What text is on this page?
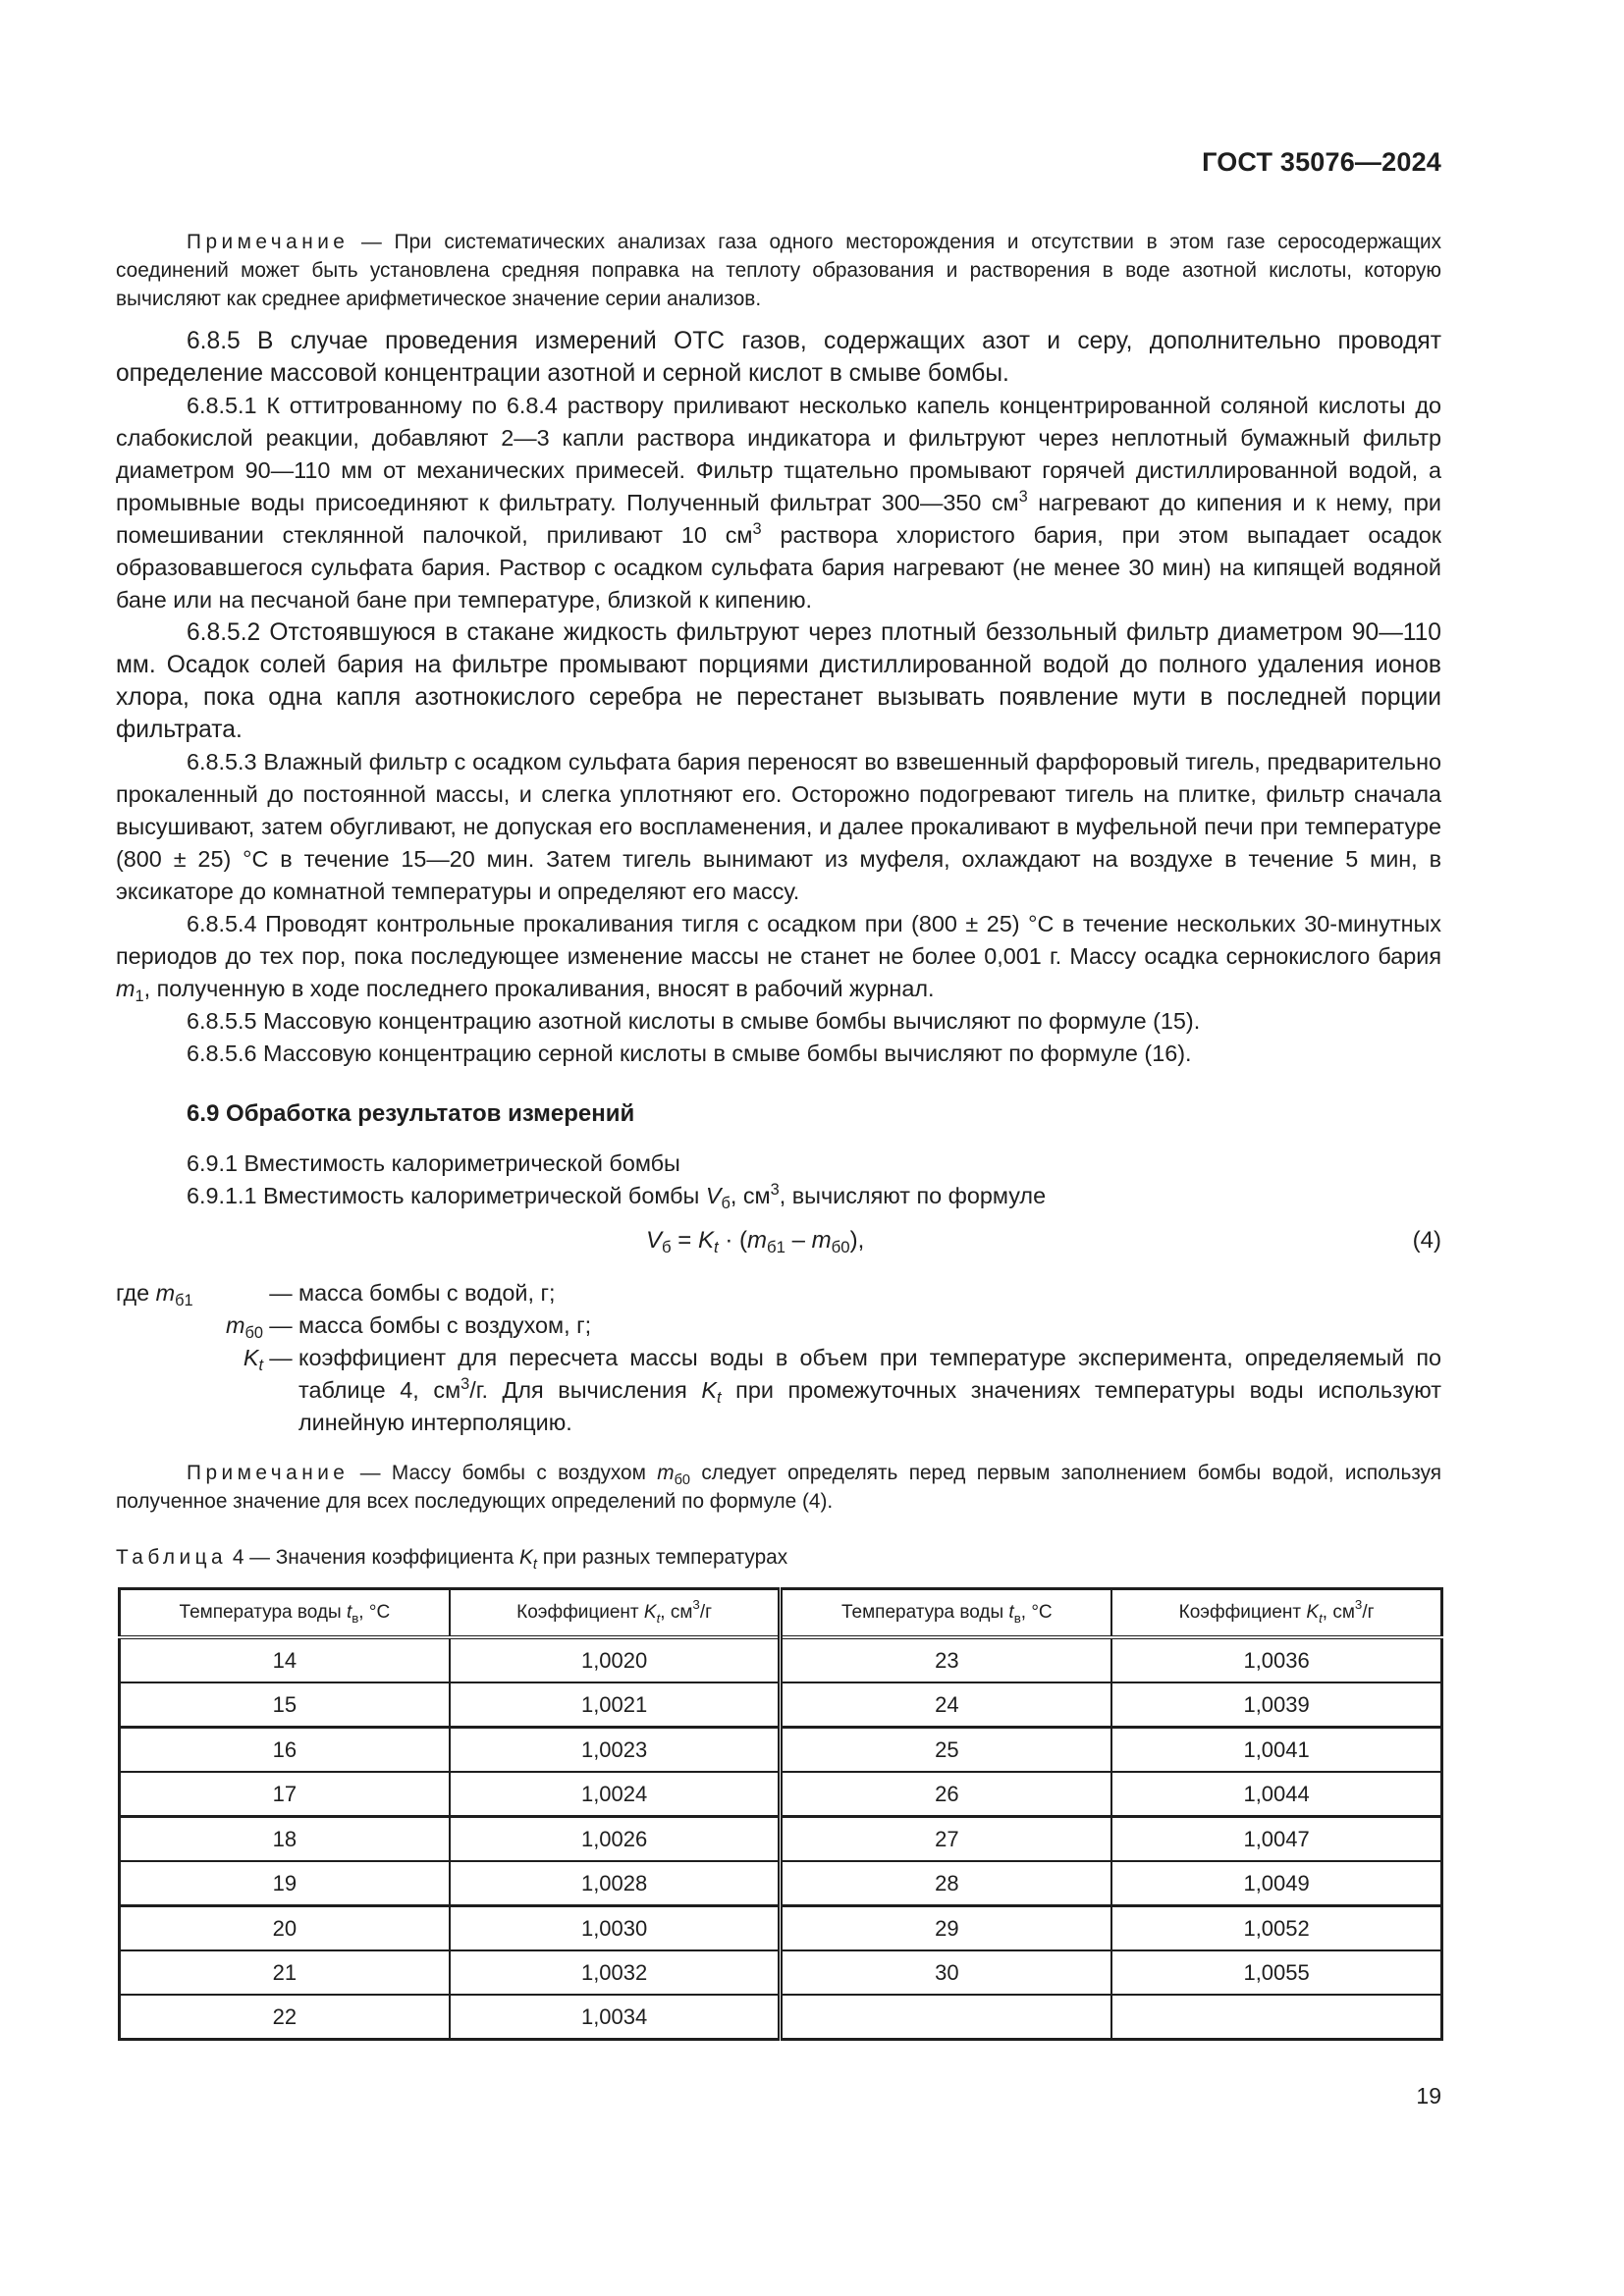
ГОСТ 35076—2024

Примечание — При систематических анализах газа одного месторождения и отсутствии в этом газе серосодержащих соединений может быть установлена средняя поправка на теплоту образования и растворения в воде азотной кислоты, которую вычисляют как среднее арифметическое значение серии анализов.

6.8.5 В случае проведения измерений ОТС газов, содержащих азот и серу, дополнительно проводят определение массовой концентрации азотной и серной кислот в смыве бомбы.

6.8.5.1 К оттитрованному по 6.8.4 раствору приливают несколько капель концентрированной соляной кислоты до слабокислой реакции, добавляют 2—3 капли раствора индикатора и фильтруют через неплотный бумажный фильтр диаметром 90—110 мм от механических примесей. Фильтр тщательно промывают горячей дистиллированной водой, а промывные воды присоединяют к фильтрату. Полученный фильтрат 300—350 $см^3$ нагревают до кипения и к нему, при помешивании стеклянной палочкой, приливают 10 $см^3$ раствора хлористого бария, при этом выпадает осадок образовавшегося сульфата бария. Раствор с осадком сульфата бария нагревают (не менее 30 мин) на кипящей водяной бане или на песчаной бане при температуре, близкой к кипению.

6.8.5.2 Отстоявшуюся в стакане жидкость фильтруют через плотный беззольный фильтр диаметром 90—110 мм. Осадок солей бария на фильтре промывают порциями дистиллированной водой до полного удаления ионов хлора, пока одна капля азотнокислого серебра не перестанет вызывать появление мути в последней порции фильтрата.

6.8.5.3 Влажный фильтр с осадком сульфата бария переносят во взвешенный фарфоровый тигель, предварительно прокаленный до постоянной массы, и слегка уплотняют его. Осторожно подогревают тигель на плитке, фильтр сначала высушивают, затем обугливают, не допуская его воспламенения, и далее прокаливают в муфельной печи при температуре (800 ± 25) °С в течение 15—20 мин. Затем тигель вынимают из муфеля, охлаждают на воздухе в течение 5 мин, в эксикаторе до комнатной температуры и определяют его массу.

6.8.5.4 Проводят контрольные прокаливания тигля с осадком при (800 ± 25) °С в течение нескольких 30-минутных периодов до тех пор, пока последующее изменение массы не станет не более 0,001 г. Массу осадка сернокислого бария $m_1$, полученную в ходе последнего прокаливания, вносят в рабочий журнал.

6.8.5.5 Массовую концентрацию азотной кислоты в смыве бомбы вычисляют по формуле (15).

6.8.5.6 Массовую концентрацию серной кислоты в смыве бомбы вычисляют по формуле (16).

6.9 Обработка результатов измерений

6.9.1 Вместимость калориметрической бомбы

6.9.1.1 Вместимость калориметрической бомбы $V_б$, $см^3$, вычисляют по формуле

$V_б = K_t \cdot (m_{б1} - m_{б0})$,	(4)
где $m_{б1}$	— масса бомбы с водой, г;
$m_{б0}$ — масса бомбы с воздухом, г;
$K_t$ — коэффициент для пересчета массы воды в объем при температуре эксперимента, определяемый по таблице 4, $см^3/г$. Для вычисления $K_t$ при промежуточных значениях температуры воды используют линейную интерполяцию.

Примечание — Массу бомбы с воздухом $m_{б0}$ следует определять перед первым заполнением бомбы водой, используя полученное значение для всех последующих определений по формуле (4).

Таблица 4 — Значения коэффициента $K_t$ при разных температурах
Температура воды $t_в$, °С	Коэффициент $K_t$, $см^3/г$	Температура воды $t_в$, °С	Коэффициент $K_t$, $см^3/г$
14	1,0020	23	1,0036
15	1,0021	24	1,0039
16	1,0023	25	1,0041
17	1,0024	26	1,0044
18	1,0026	27	1,0047
19	1,0028	28	1,0049
20	1,0030	29	1,0052
21	1,0032	30	1,0055
22	1,0034		
19
